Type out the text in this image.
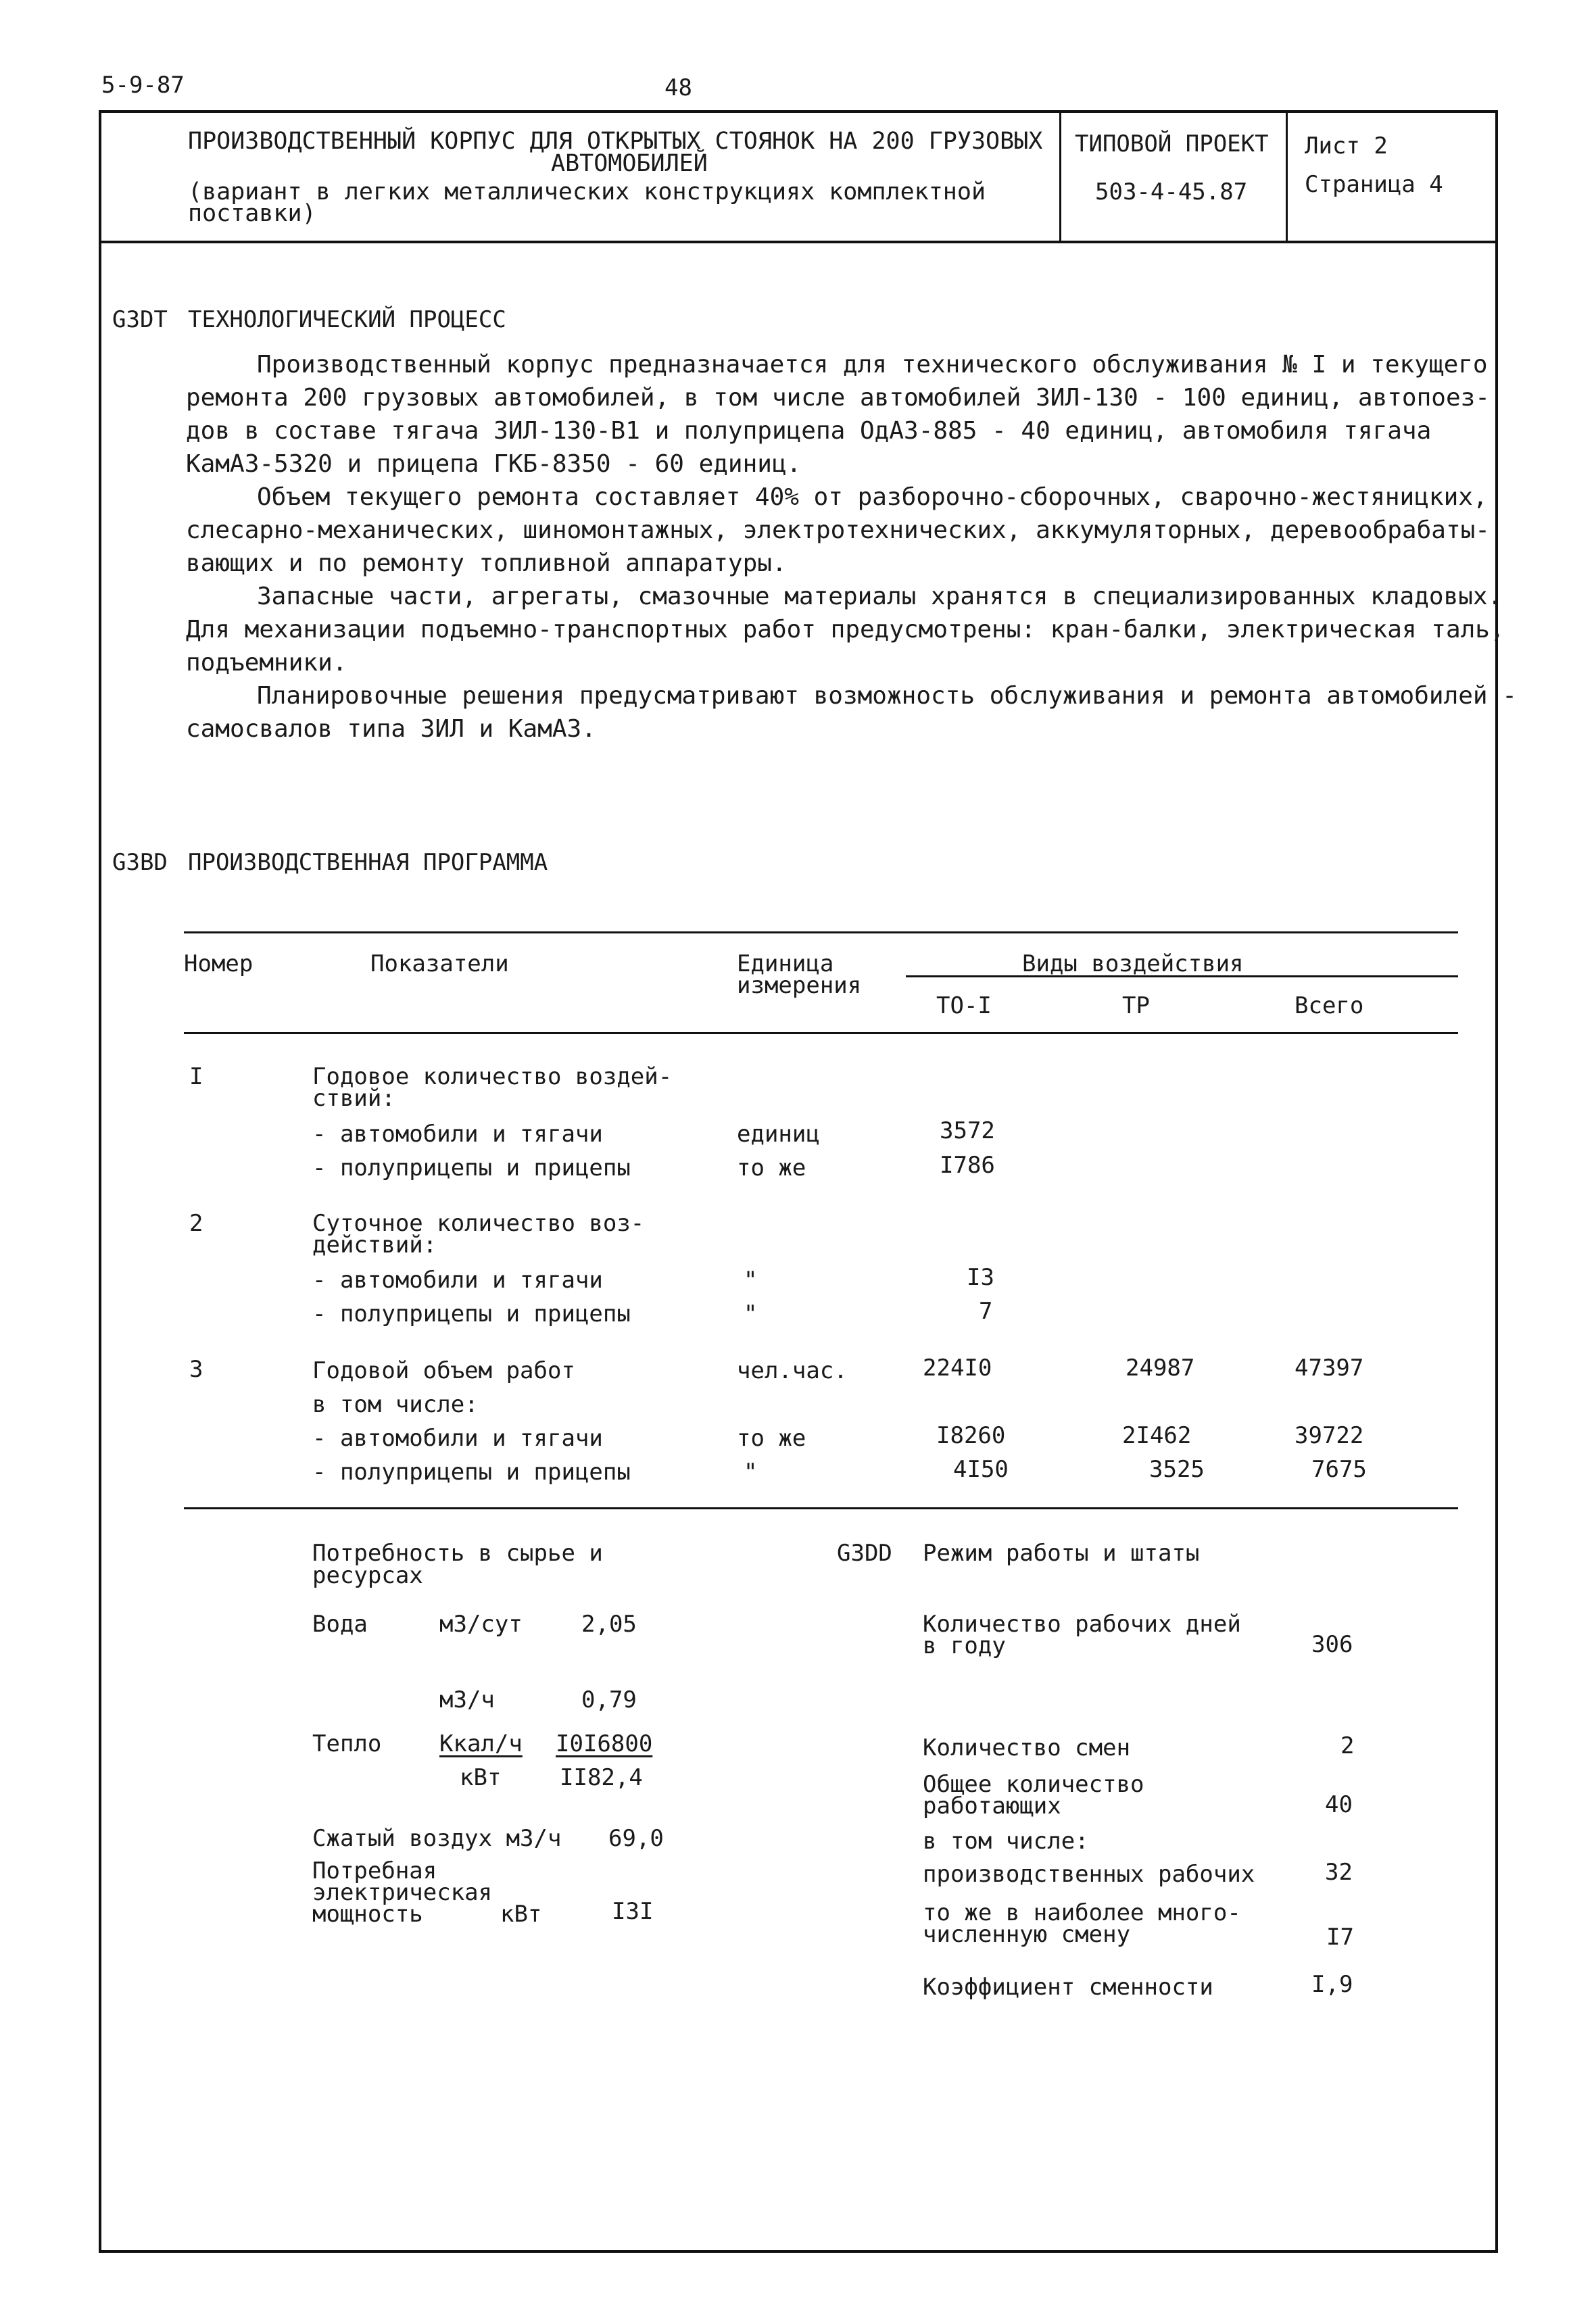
5-9-87	48
ПРОИЗВОДСТВЕННЫЙ КОРПУС ДЛЯ ОТКРЫТЫХ СТОЯНОК НА 200 ГРУЗОВЫХ
АВТОМОБИЛЕЙ
(вариант в легких металлических конструкциях комплектной
поставки)
ТИПОВОЙ ПРОЕКТ
503-4-45.87
Лист 2
Страница 4
G3DT ТЕХНОЛОГИЧЕСКИЙ ПРОЦЕСС
Производственный корпус предназначается для технического обслуживания № I и текущего
ремонта 200 грузовых автомобилей, в том числе автомобилей ЗИЛ-130 - 100 единиц, автопоез-
дов в составе тягача ЗИЛ-130-В1 и полуприцепа ОдАЗ-885 - 40 единиц, автомобиля тягача
КамАЗ-5320 и прицепа ГКБ-8350 - 60 единиц.
Объем текущего ремонта составляет 40% от разборочно-сборочных, сварочно-жестяницких,
слесарно-механических, шиномонтажных, электротехнических, аккумуляторных, деревообрабаты-
вающих и по ремонту топливной аппаратуры.
Запасные части, агрегаты, смазочные материалы хранятся в специализированных кладовых.
Для механизации подъемно-транспортных работ предусмотрены: кран-балки, электрическая таль,
подъемники.
Планировочные решения предусматривают возможность обслуживания и ремонта автомобилей -
самосвалов типа ЗИЛ и КамАЗ.
G3BD ПРОИЗВОДСТВЕННАЯ ПРОГРАММА
Номер	Показатели	Единица
измерения
Виды воздействия
ТО-I	ТР	Всего
I	Годовое количество воздей-
ствий:
- автомобили и тягачи	единиц	3572
- полуприцепы и прицепы	то же	I786
2	Суточное количество воз-
действий:
- автомобили и тягачи	"	I3
- полуприцепы и прицепы	"	7
3	Годовой объем работ	чел.час.	224I0	24987	47397
в том числе:
- автомобили и тягачи	то же	I8260	2I462	39722
- полуприцепы и прицепы	"	4I50	3525	7675
Потребность в сырье и
ресурсах
Вода	м3/сут	2,05
м3/ч	0,79
Тепло	Ккал/ч I0I6800
кВт	II82,4
Сжатый воздух м3/ч 69,0
Потребная
электрическая
мощность	кВт	I3I
G3DD Режим работы и штаты
Количество рабочих дней
в году	306
Количество смен	2
Общее количество
работающих	40
в том числе:
производственных рабочих	32
то же в наиболее много-
численную смену	I7
Коэффициент сменности	I,9
